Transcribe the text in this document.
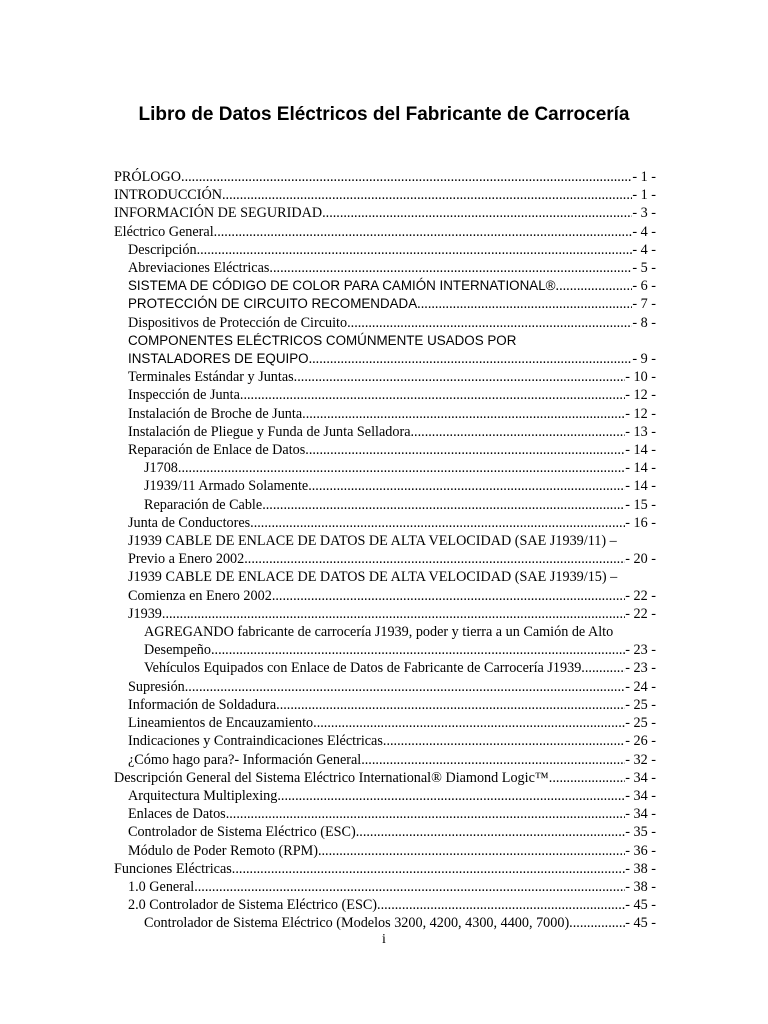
Libro de Datos Eléctricos del Fabricante de Carrocería
PRÓLOGO .....	- 1 -
INTRODUCCIÓN .....	- 1 -
INFORMACIÓN DE SEGURIDAD .....	- 3 -
Eléctrico General .....	- 4 -
Descripción .....	- 4 -
Abreviaciones Eléctricas .....	- 5 -
SISTEMA DE CÓDIGO DE COLOR PARA CAMIÓN INTERNATIONAL® .....	- 6 -
PROTECCIÓN DE CIRCUITO RECOMENDADA .....	- 7 -
Dispositivos de Protección de Circuito .....	- 8 -
COMPONENTES ELÉCTRICOS COMÚNMENTE USADOS POR
INSTALADORES DE EQUIPO .....	- 9 -
Terminales Estándar y Juntas .....	- 10 -
Inspección de Junta .....	- 12 -
Instalación de Broche de Junta .....	- 12 -
Instalación de Pliegue y Funda de Junta Selladora .....	- 13 -
Reparación de Enlace de Datos .....	- 14 -
J1708 .....	- 14 -
J1939/11 Armado Solamente .....	- 14 -
Reparación de Cable .....	- 15 -
Junta de Conductores .....	- 16 -
J1939 CABLE DE ENLACE DE DATOS DE ALTA VELOCIDAD (SAE J1939/11) –
Previo a Enero 2002 .....	- 20 -
J1939 CABLE DE ENLACE DE DATOS DE ALTA VELOCIDAD (SAE J1939/15) –
Comienza en Enero 2002 .....	- 22 -
J1939 .....	- 22 -
AGREGANDO fabricante de carrocería J1939, poder y tierra a un Camión de Alto
Desempeño .....	- 23 -
Vehículos Equipados con Enlace de Datos de Fabricante de Carrocería J1939 .....	- 23 -
Supresión .....	- 24 -
Información de Soldadura .....	- 25 -
Lineamientos de Encauzamiento .....	- 25 -
Indicaciones y Contraindicaciones Eléctricas .....	- 26 -
¿Cómo hago para?- Información General .....	- 32 -
Descripción General del Sistema Eléctrico International® Diamond Logic™ .....	- 34 -
Arquitectura Multiplexing .....	- 34 -
Enlaces de Datos .....	- 34 -
Controlador de Sistema Eléctrico (ESC) .....	- 35 -
Módulo de Poder Remoto (RPM) .....	- 36 -
Funciones Eléctricas .....	- 38 -
1.0 General .....	- 38 -
2.0 Controlador de Sistema Eléctrico (ESC) .....	- 45 -
Controlador de Sistema Eléctrico (Modelos 3200, 4200, 4300, 4400, 7000) .....	- 45 -
i
